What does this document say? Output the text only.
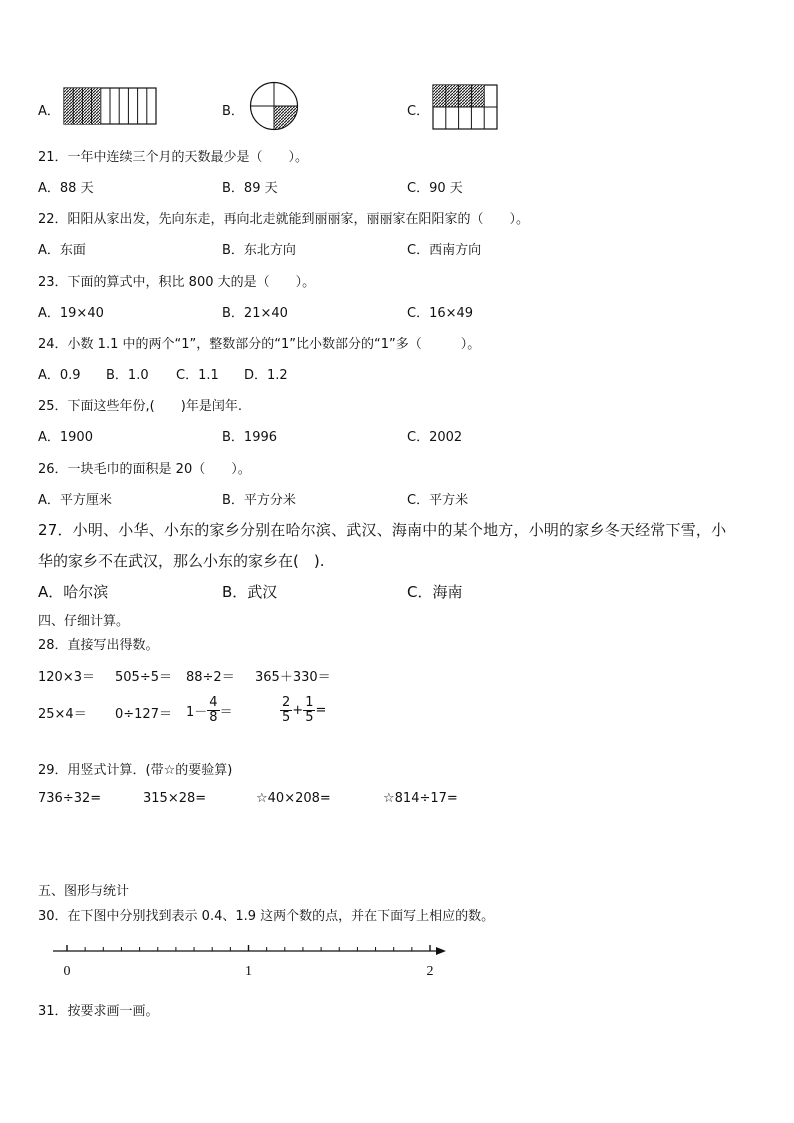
A．	B．	C．
21．一年中连续三个月的天数最少是（　　）。
A．88 天	B．89 天	C．90 天
22．阳阳从家出发，先向东走，再向北走就能到丽丽家，丽丽家在阳阳家的（　　）。
A．东面	B．东北方向	C．西南方向
23．下面的算式中，积比 800 大的是（　　）。
A．19×40	B．21×40	C．16×49
24．小数 1.1 中的两个“1”，整数部分的“1”比小数部分的“1”多（　　　）。
A．0.9 B．1.0 C．1.1 D．1.2
25．下面这些年份,(　　)年是闰年.
A．1900	B．1996	C．2002
26．一块毛巾的面积是 20（　　）。
A．平方厘米	B．平方分米	C．平方米
27．小明、小华、小东的家乡分别在哈尔滨、武汉、海南中的某个地方，小明的家乡冬天经常下雪，小
华的家乡不在武汉，那么小东的家乡在(　).
A．哈尔滨	B．武汉	C．海南
四、仔细计算。
28．直接写出得数。
120×3＝ 505÷5＝ 88÷2＝ 365＋330＝
$25\times 4= 0\div 127= 1- \frac{4}{8}$ ＝	$\frac{2}{5} + \frac{1}{5}$ =
29．用竖式计算．(带☆的要验算)
736÷32=	315×28=	☆40×208=	☆814÷17=
五、图形与统计
30．在下图中分别找到表示 0.4、1.9 这两个数的点，并在下面写上相应的数。
0	1	2
31．按要求画一画。
